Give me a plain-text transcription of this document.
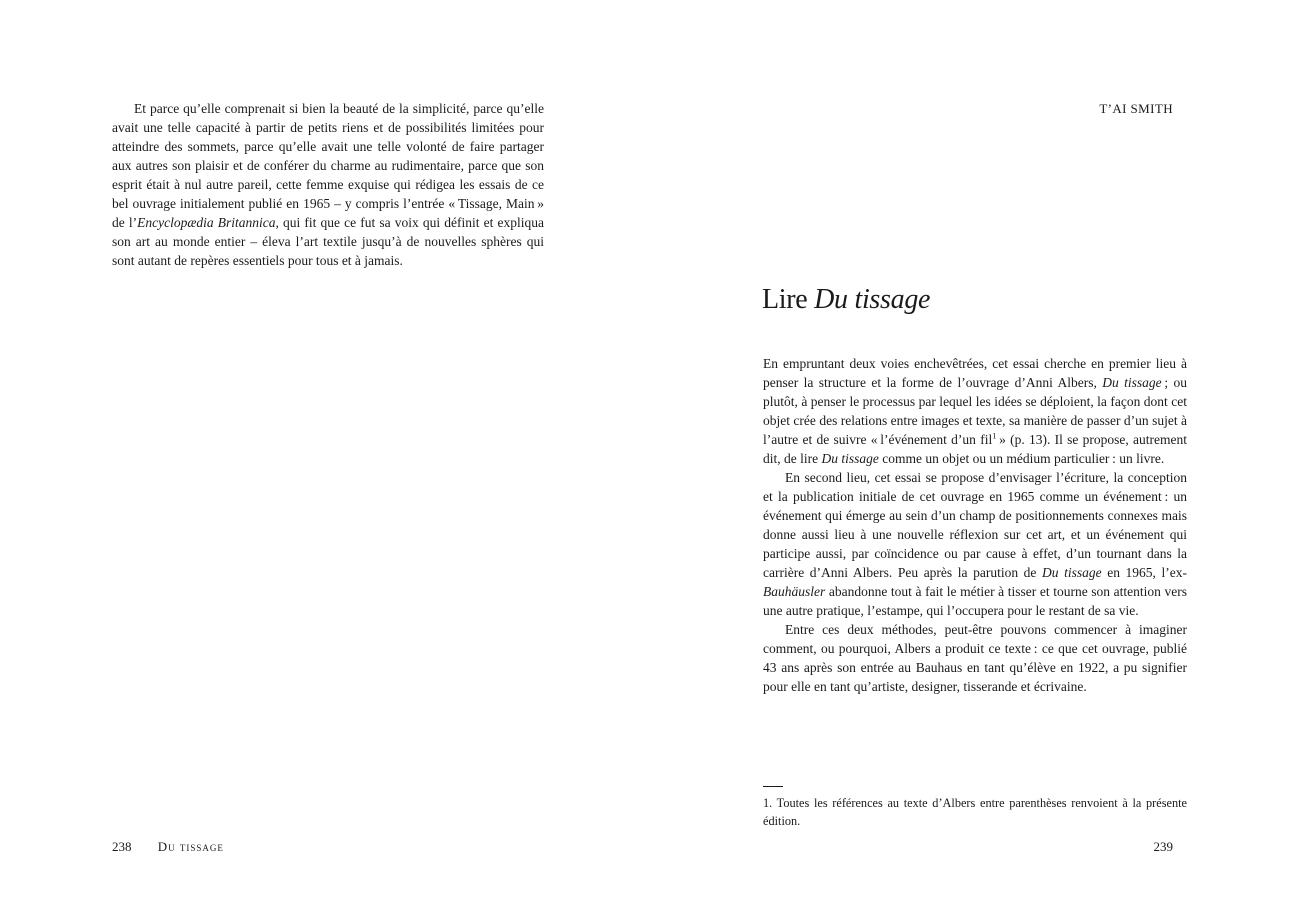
Et parce qu’elle comprenait si bien la beauté de la simplicité, parce qu’elle avait une telle capacité à partir de petits riens et de possibilités limitées pour atteindre des sommets, parce qu’elle avait une telle volonté de faire partager aux autres son plaisir et de conférer du charme au rudimentaire, parce que son esprit était à nul autre pareil, cette femme exquise qui rédigea les essais de ce bel ouvrage initialement publié en 1965 – y compris l’entrée « Tissage, Main » de l’Encyclopædia Britannica, qui fit que ce fut sa voix qui définit et expliqua son art au monde entier – éleva l’art textile jusqu’à de nouvelles sphères qui sont autant de repères essentiels pour tous et à jamais.

238 Du tissage
T’AI SMITH
Lire Du tissage

En empruntant deux voies enchevêtrées, cet essai cherche en premier lieu à penser la structure et la forme de l’ouvrage d’Anni Albers, Du tissage ; ou plutôt, à penser le processus par lequel les idées se déploient, la façon dont cet objet crée des relations entre images et texte, sa manière de passer d’un sujet à l’autre et de suivre « l’événement d’un fil$^1$ » (p. 13). Il se propose, autrement dit, de lire Du tissage comme un objet ou un médium particulier : un livre.

En second lieu, cet essai se propose d’envisager l’écriture, la conception et la publication initiale de cet ouvrage en 1965 comme un événement : un événement qui émerge au sein d’un champ de positionnements connexes mais donne aussi lieu à une nouvelle réflexion sur cet art, et un événement qui participe aussi, par coïncidence ou par cause à effet, d’un tournant dans la carrière d’Anni Albers. Peu après la parution de Du tissage en 1965, l’ex-Bauhäusler abandonne tout à fait le métier à tisser et tourne son attention vers une autre pratique, l’estampe, qui l’occupera pour le restant de sa vie.

Entre ces deux méthodes, peut-être pouvons commencer à imaginer comment, ou pourquoi, Albers a produit ce texte : ce que cet ouvrage, publié 43 ans après son entrée au Bauhaus en tant qu’élève en 1922, a pu signifier pour elle en tant qu’artiste, designer, tisserande et écrivaine.

1. Toutes les références au texte d’Albers entre parenthèses renvoient à la présente édition.

239
